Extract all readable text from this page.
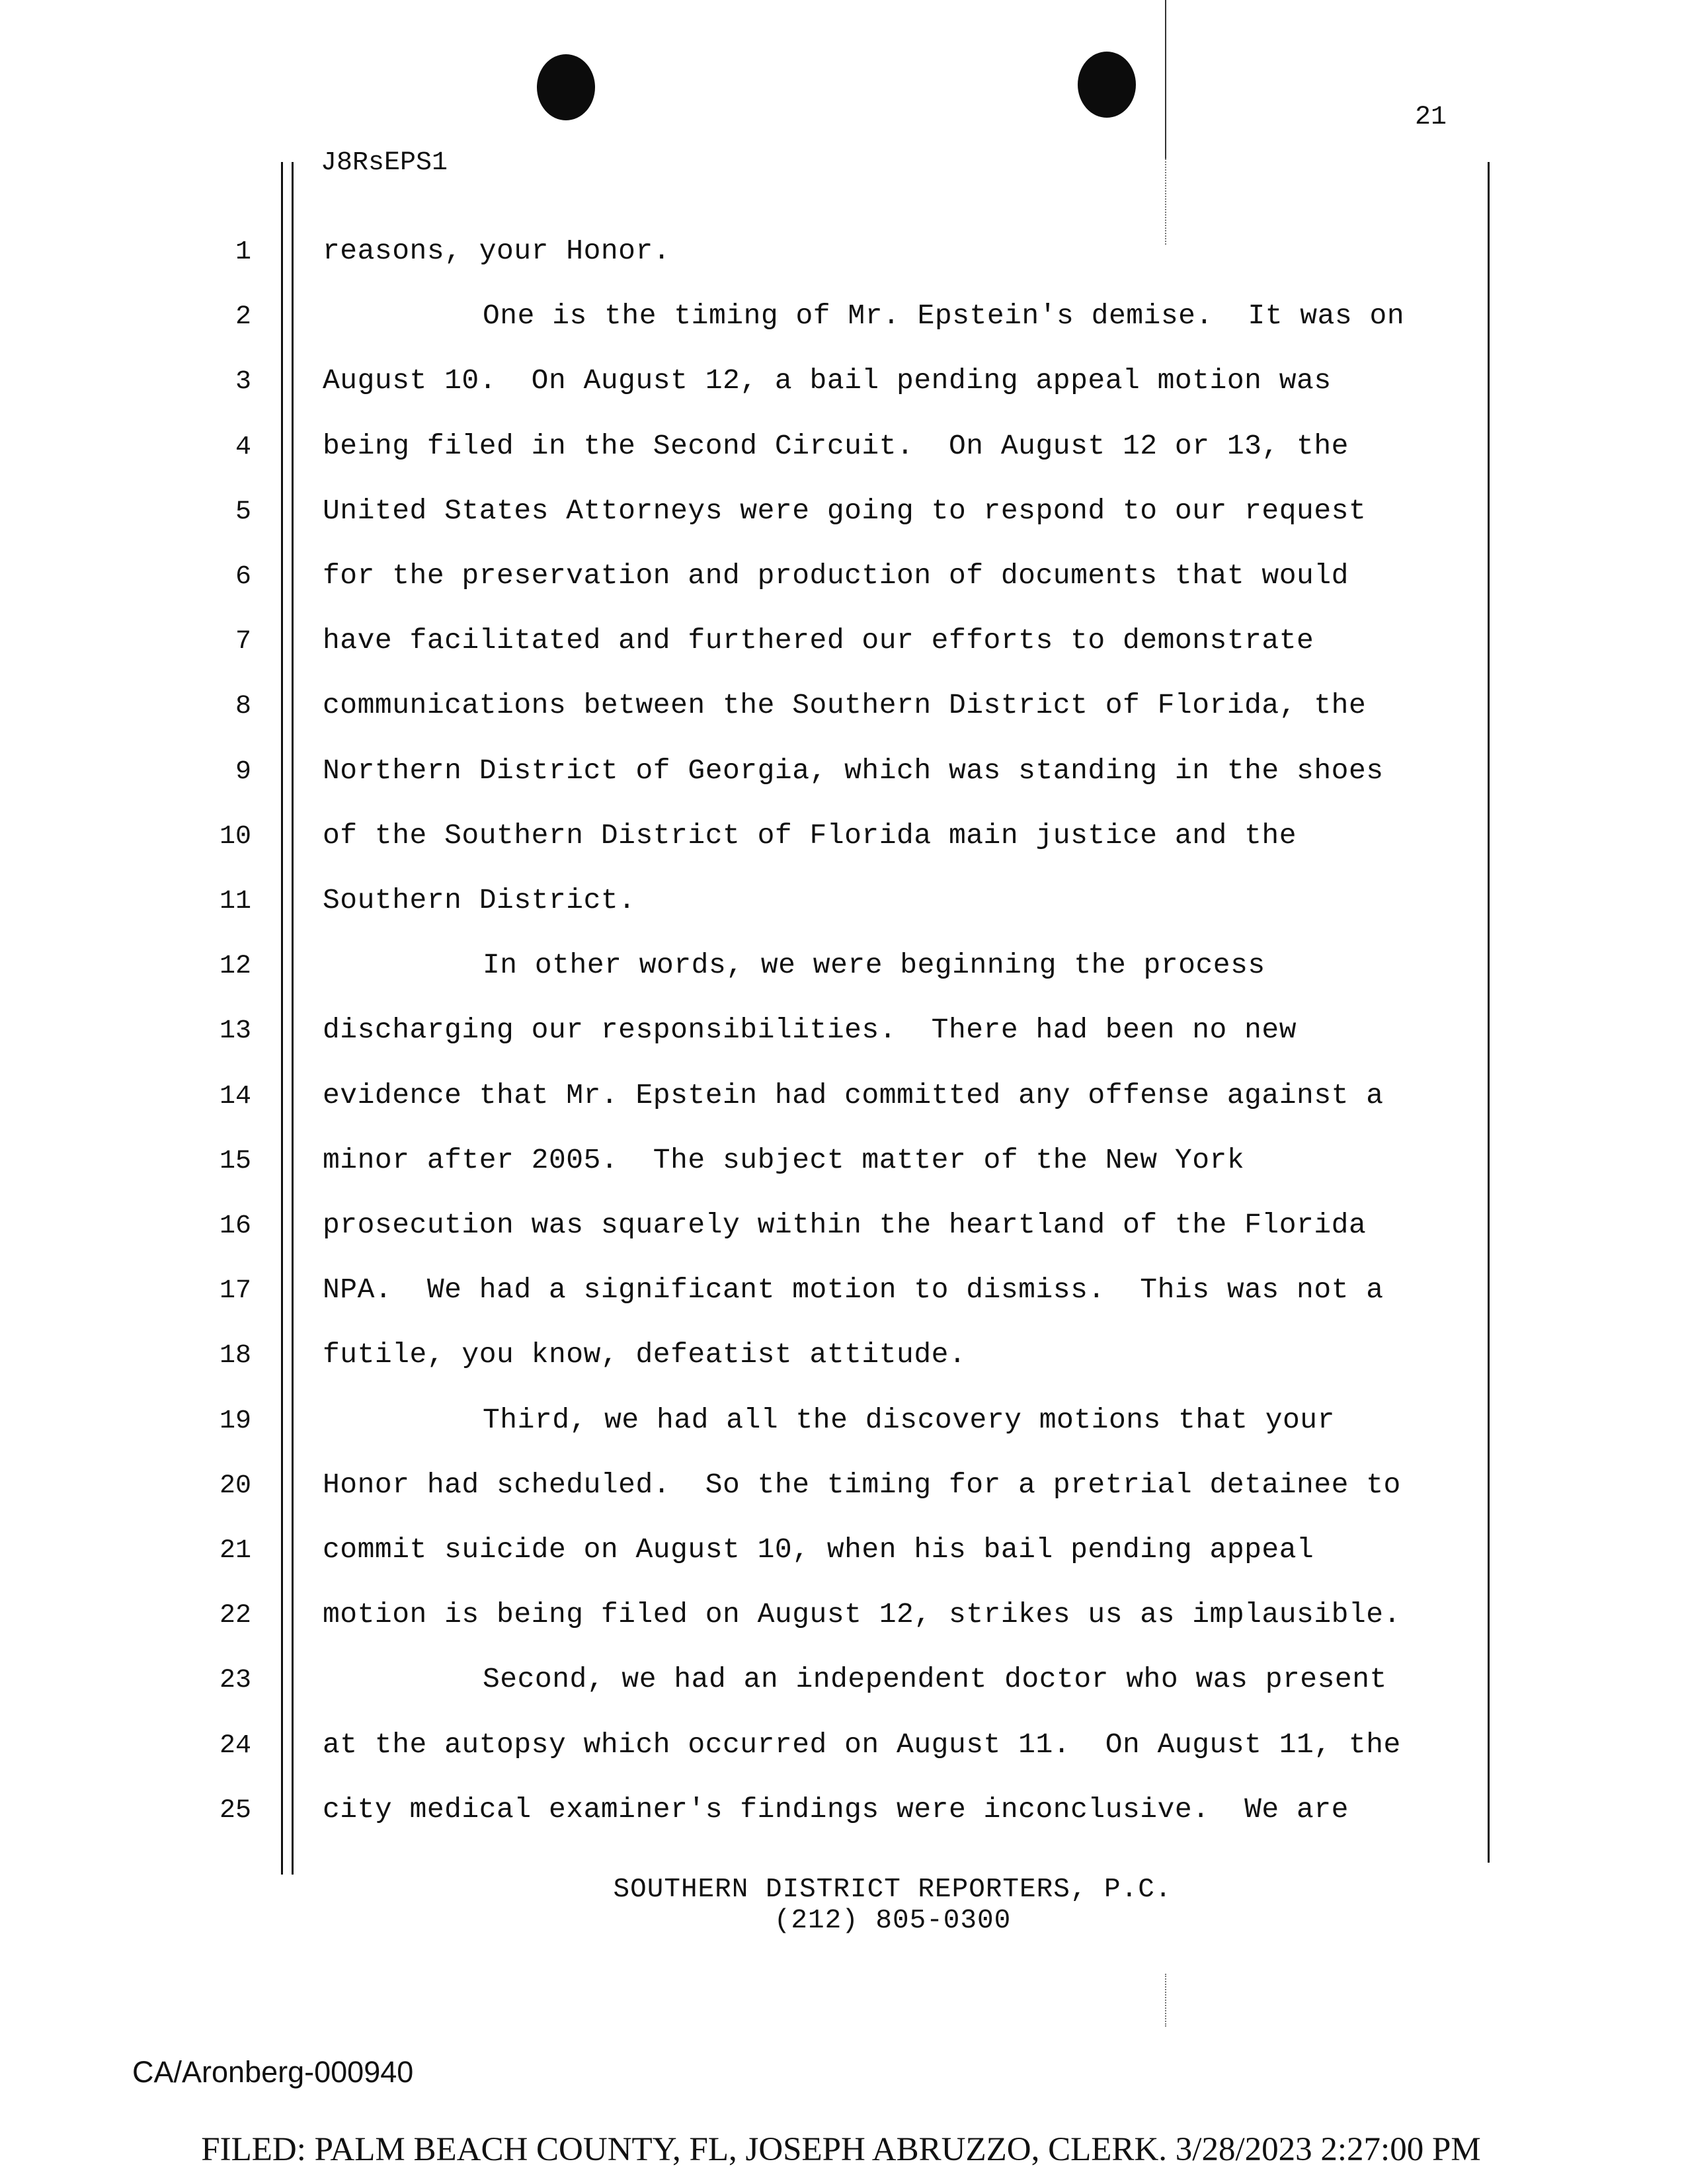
21
J8RsEPS1
1	reasons, your Honor.
2	One is the timing of Mr. Epstein's demise.  It was on
3	August 10.  On August 12, a bail pending appeal motion was
4	being filed in the Second Circuit.  On August 12 or 13, the
5	United States Attorneys were going to respond to our request
6	for the preservation and production of documents that would
7	have facilitated and furthered our efforts to demonstrate
8	communications between the Southern District of Florida, the
9	Northern District of Georgia, which was standing in the shoes
10	of the Southern District of Florida main justice and the
11	Southern District.
12	In other words, we were beginning the process
13	discharging our responsibilities.  There had been no new
14	evidence that Mr. Epstein had committed any offense against a
15	minor after 2005.  The subject matter of the New York
16	prosecution was squarely within the heartland of the Florida
17	NPA.  We had a significant motion to dismiss.  This was not a
18	futile, you know, defeatist attitude.
19	Third, we had all the discovery motions that your
20	Honor had scheduled.  So the timing for a pretrial detainee to
21	commit suicide on August 10, when his bail pending appeal
22	motion is being filed on August 12, strikes us as implausible.
23	Second, we had an independent doctor who was present
24	at the autopsy which occurred on August 11.  On August 11, the
25	city medical examiner's findings were inconclusive.  We are
SOUTHERN DISTRICT REPORTERS, P.C.
(212) 805-0300
CA/Aronberg-000940
FILED: PALM BEACH COUNTY, FL, JOSEPH ABRUZZO, CLERK. 3/28/2023 2:27:00 PM
